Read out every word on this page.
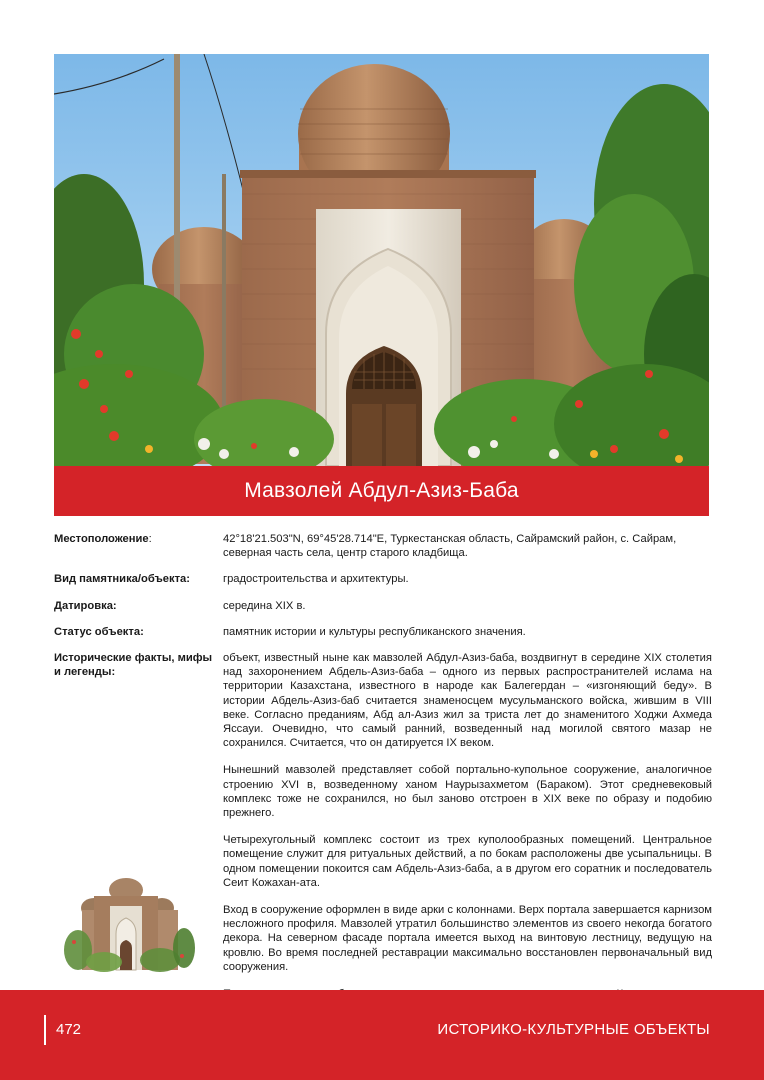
Мавзолей Абдул-Азиз-Баба
Местоположение:	42°18'21.503"N, 69°45'28.714"E, Туркестанская область, Сайрамский район, с. Сайрам, северная часть села, центр старого кладбища.
Вид памятника/объекта:	градостроительства и архитектуры.
Датировка:	середина XIX в.
Статус объекта:	памятник истории и культуры республиканского значения.
Исторические факты, мифы и легенды:

объект, известный ныне как мавзолей Абдул-Азиз-баба, воздвигнут в середине XIX столетия над захоронением Абдель-Азиз-баба – одного из первых распространителей ислама на территории Казахстана, известного в народе как Балегердан – «изгоняющий беду». В истории Абдель-Азиз-баб считается знаменосцем мусульманского войска, жившим в VIII веке. Согласно преданиям, Абд ал-Азиз жил за триста лет до знаменитого Ходжи Ахмеда Яссауи. Очевидно, что самый ранний, возведенный над могилой святого мазар не сохранился. Считается, что он датируется IX веком.

Нынешний мавзолей представляет собой портально-купольное сооружение, аналогичное строению XVI в, возведенному ханом Наурызахметом (Бараком). Этот средневековый комплекс тоже не сохранился, но был заново отстроен в XIX веке по образу и подобию прежнего.

Четырехугольный комплекс состоит из трех куполообразных помещений. Центральное помещение служит для ритуальных действий, а по бокам расположены две усыпальницы. В одном помещении покоится сам Абдель-Азиз-баба, а в другом его соратник и последователь Сеит Кожахан-ата.

Вход в сооружение оформлен в виде арки с колоннами. Верх портала завершается карнизом несложного профиля. Мавзолей утратил большинство элементов из своего некогда богатого декора. На северном фасаде портала имеется выход на винтовую лестницу, ведущую на кровлю. Во время последней реставрации максимально восстановлен первоначальный вид сооружения.

472	ИСТОРИКО-КУЛЬТУРНЫЕ ОБЪЕКТЫ
